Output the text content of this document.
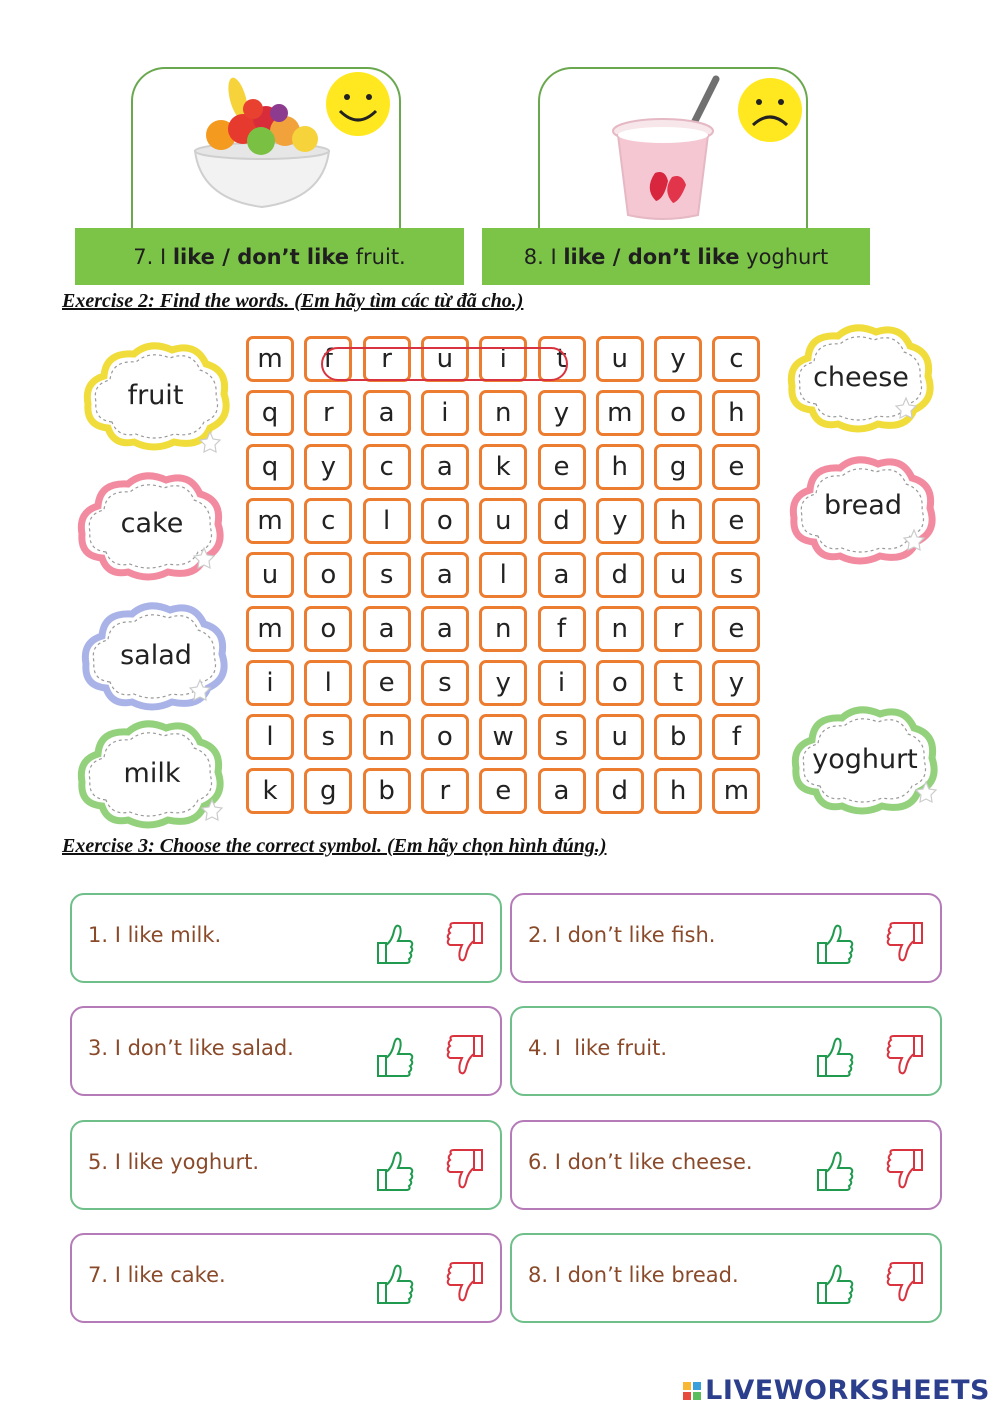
7. I like / don’t like fruit.	8. I like / don’t like yoghurt
Exercise 2: Find the words. (Em hãy tìm các từ đã cho.)
m	f	r	u	i	t	u	y	c
q	r	a	i	n	y	m	o	h
q	y	c	a	k	e	h	g	e
m	c	l	o	u	d	y	h	e
u	o	s	a	l	a	d	u	s
m	o	a	a	n	f	n	r	e
i	l	e	s	y	i	o	t	y
l	s	n	o	w	s	u	b	f
k	g	b	r	e	a	d	h	m
fruit
cake
salad
milk
cheese
bread
yoghurt
Exercise 3: Choose the correct symbol. (Em hãy chọn hình đúng.)
1. I like milk.	2. I don’t like fish.
3. I don’t like salad.	4. I  like fruit.
5. I like yoghurt.	6. I don’t like cheese.
7. I like cake.	8. I don’t like bread.
LIVEWORKSHEETS
